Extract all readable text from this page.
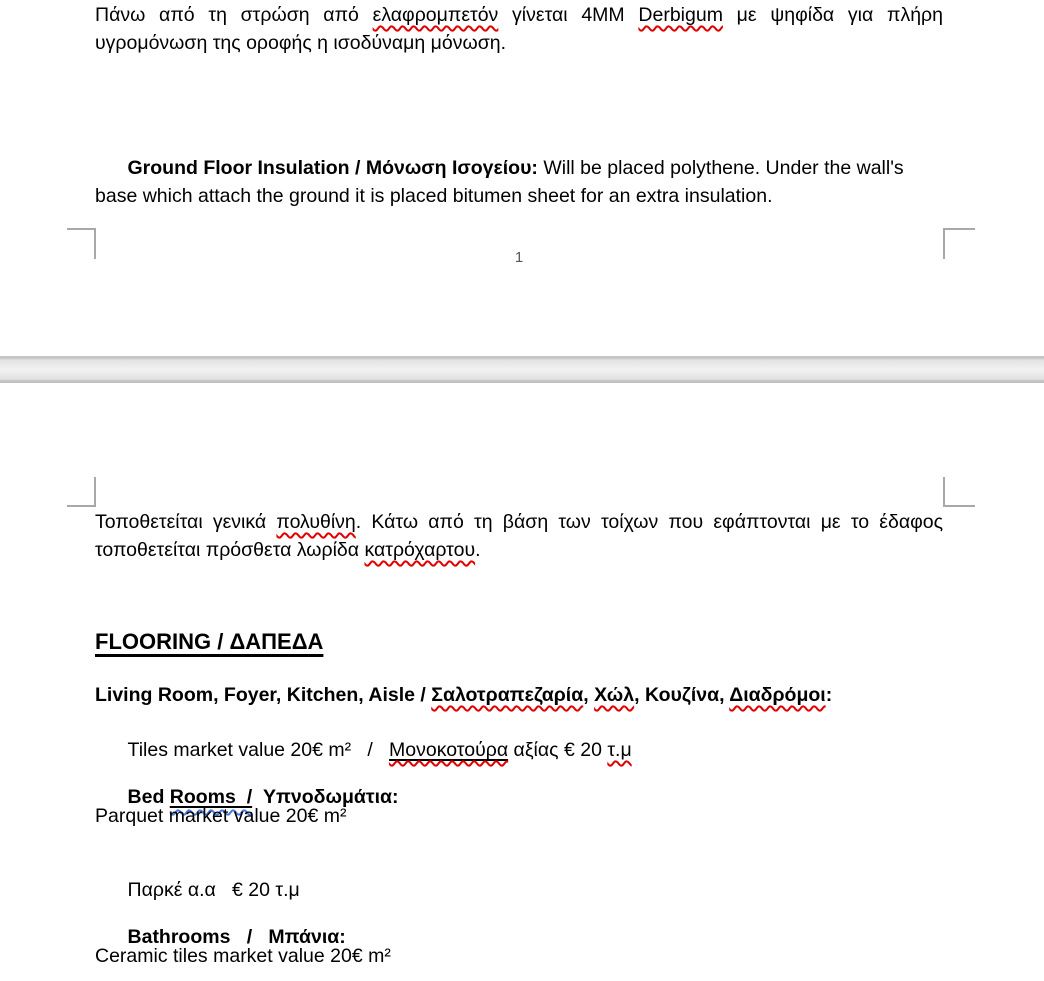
Πάνω από τη στρώση από ελαφρομπετόν γίνεται 4MM Derbigum με ψηφίδα για πλήρη υγρομόνωση της οροφής η ισοδύναμη μόνωση.

Ground Floor Insulation / Μόνωση Ισογείου: Will be placed polythene. Under the wall's base which attach the ground it is placed bitumen sheet for an extra insulation.

1

Τοποθετείται γενικά πολυθίνη. Κάτω από τη βάση των τοίχων που εφάπτονται με το έδαφος τοποθετείται πρόσθετα λωρίδα κατρόχαρτου.

FLOORING / ΔΑΠΕΔΑ

Living Room, Foyer, Kitchen, Aisle / Σαλοτραπεζαρία, Χώλ, Κουζίνα, Διαδρόμοι:

Tiles market value 20€ m²   /   Μονοκοτούρα αξίας € 20 τ.μ

Bed Rooms  /  Υπνοδωμάτια:

Parquet market value 20€ m²

Παρκέ α.α   € 20 τ.μ

Bathrooms   /   Μπάνια:

Ceramic tiles market value 20€ m²
